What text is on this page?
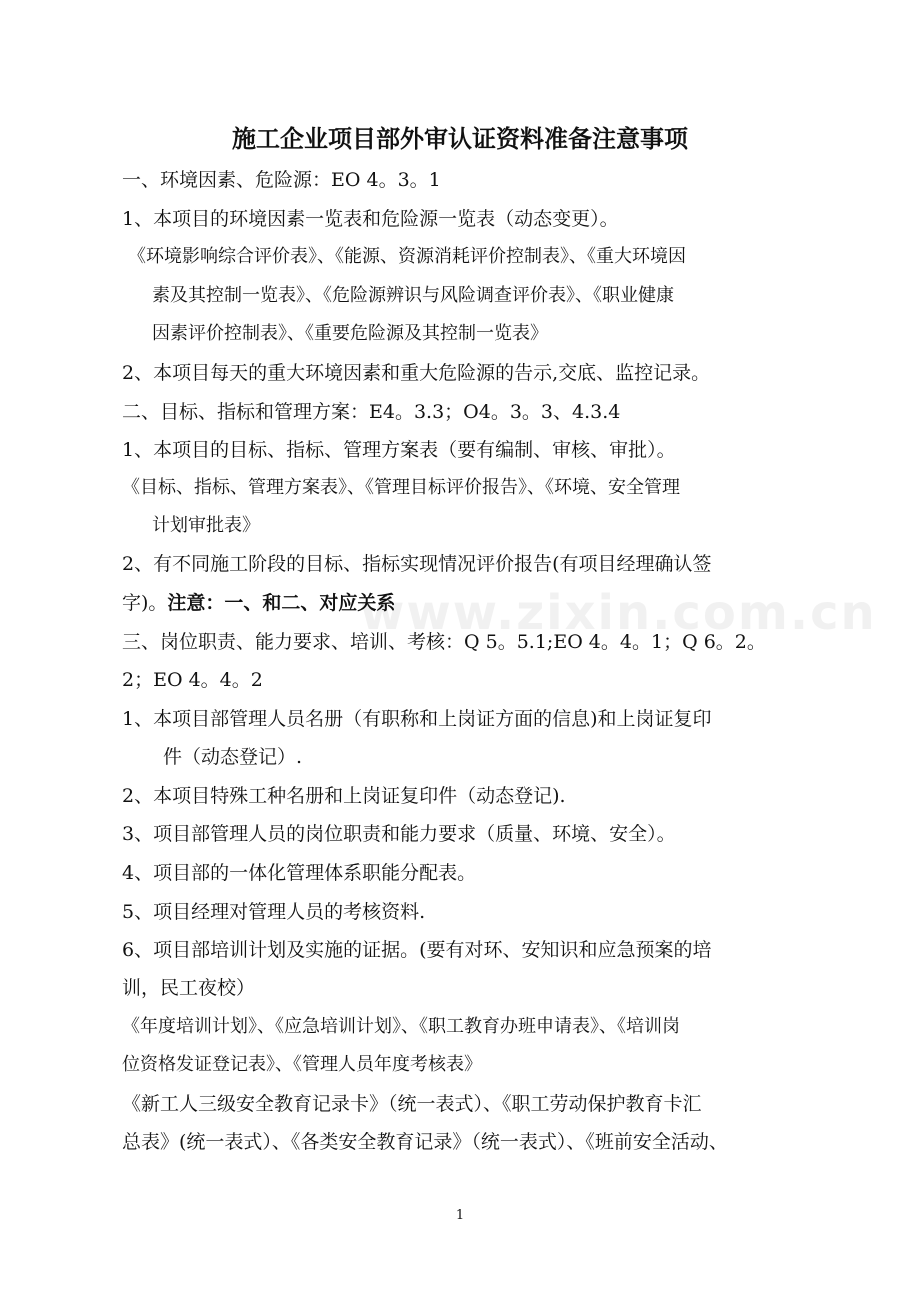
施工企业项目部外审认证资料准备注意事项
www.zixin.com.cn
一、环境因素、危险源：EO 4。3。1
1、本项目的环境因素一览表和危险源一览表（动态变更）。
《环境影响综合评价表》、《能源、资源消耗评价控制表》、《重大环境因
素及其控制一览表》、《危险源辨识与风险调查评价表》、《职业健康
因素评价控制表》、《重要危险源及其控制一览表》
2、本项目每天的重大环境因素和重大危险源的告示,交底、监控记录。
二、目标、指标和管理方案：E4。3.3；O4。3。3、4.3.4
1、本项目的目标、指标、管理方案表（要有编制、审核、审批）。
《目标、指标、管理方案表》、《管理目标评价报告》、《环境、安全管理
计划审批表》
2、有不同施工阶段的目标、指标实现情况评价报告(有项目经理确认签
字)。注意：一、和二、对应关系
三、岗位职责、能力要求、培训、考核：Q 5。5.1;EO 4。4。1；Q 6。2。
2；EO 4。4。2
1、本项目部管理人员名册（有职称和上岗证方面的信息)和上岗证复印
件（动态登记）.
2、本项目特殊工种名册和上岗证复印件（动态登记).
3、项目部管理人员的岗位职责和能力要求（质量、环境、安全）。
4、项目部的一体化管理体系职能分配表。
5、项目经理对管理人员的考核资料.
6、项目部培训计划及实施的证据。(要有对环、安知识和应急预案的培
训，民工夜校）
《年度培训计划》、《应急培训计划》、《职工教育办班申请表》、《培训岗
位资格发证登记表》、《管理人员年度考核表》
《新工人三级安全教育记录卡》（统一表式）、《职工劳动保护教育卡汇
总表》(统一表式）、《各类安全教育记录》（统一表式）、《班前安全活动、
1
